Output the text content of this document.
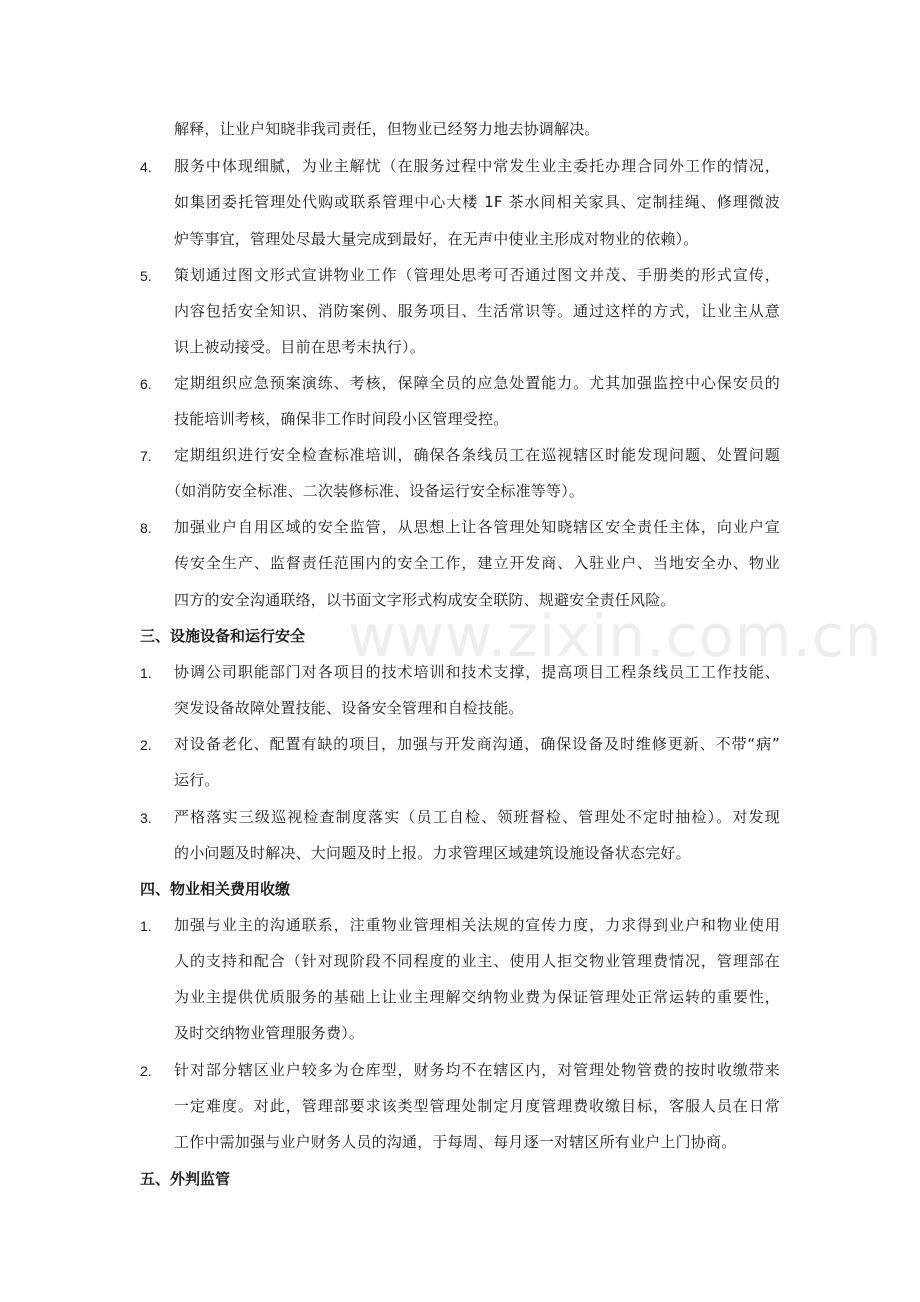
www.zixin.com.cn
解释，让业户知晓非我司责任，但物业已经努力地去协调解决。
4. 服务中体现细腻，为业主解忧（在服务过程中常发生业主委托办理合同外工作的情况，
如集团委托管理处代购或联系管理中心大楼 1F 茶水间相关家具、定制挂绳、修理微波
炉等事宜，管理处尽最大量完成到最好，在无声中使业主形成对物业的依赖）。
5. 策划通过图文形式宣讲物业工作（管理处思考可否通过图文并茂、手册类的形式宣传，
内容包括安全知识、消防案例、服务项目、生活常识等。通过这样的方式，让业主从意
识上被动接受。目前在思考未执行）。
6. 定期组织应急预案演练、考核，保障全员的应急处置能力。尤其加强监控中心保安员的
技能培训考核，确保非工作时间段小区管理受控。
7. 定期组织进行安全检查标准培训，确保各条线员工在巡视辖区时能发现问题、处置问题
（如消防安全标准、二次装修标准、设备运行安全标准等等）。
8. 加强业户自用区域的安全监管，从思想上让各管理处知晓辖区安全责任主体，向业户宣
传安全生产、监督责任范围内的安全工作，建立开发商、入驻业户、当地安全办、物业
四方的安全沟通联络，以书面文字形式构成安全联防、规避安全责任风险。
三、设施设备和运行安全
1. 协调公司职能部门对各项目的技术培训和技术支撑，提高项目工程条线员工工作技能、
突发设备故障处置技能、设备安全管理和自检技能。
2. 对设备老化、配置有缺的项目，加强与开发商沟通，确保设备及时维修更新、不带“病”
运行。
3. 严格落实三级巡视检查制度落实（员工自检、领班督检、管理处不定时抽检）。对发现
的小问题及时解决、大问题及时上报。力求管理区域建筑设施设备状态完好。
四、物业相关费用收缴
1. 加强与业主的沟通联系，注重物业管理相关法规的宣传力度，力求得到业户和物业使用
人的支持和配合（针对现阶段不同程度的业主、使用人拒交物业管理费情况，管理部在
为业主提供优质服务的基础上让业主理解交纳物业费为保证管理处正常运转的重要性，
及时交纳物业管理服务费）。
2. 针对部分辖区业户较多为仓库型，财务均不在辖区内，对管理处物管费的按时收缴带来
一定难度。对此，管理部要求该类型管理处制定月度管理费收缴目标，客服人员在日常
工作中需加强与业户财务人员的沟通，于每周、每月逐一对辖区所有业户上门协商。
五、外判监管
